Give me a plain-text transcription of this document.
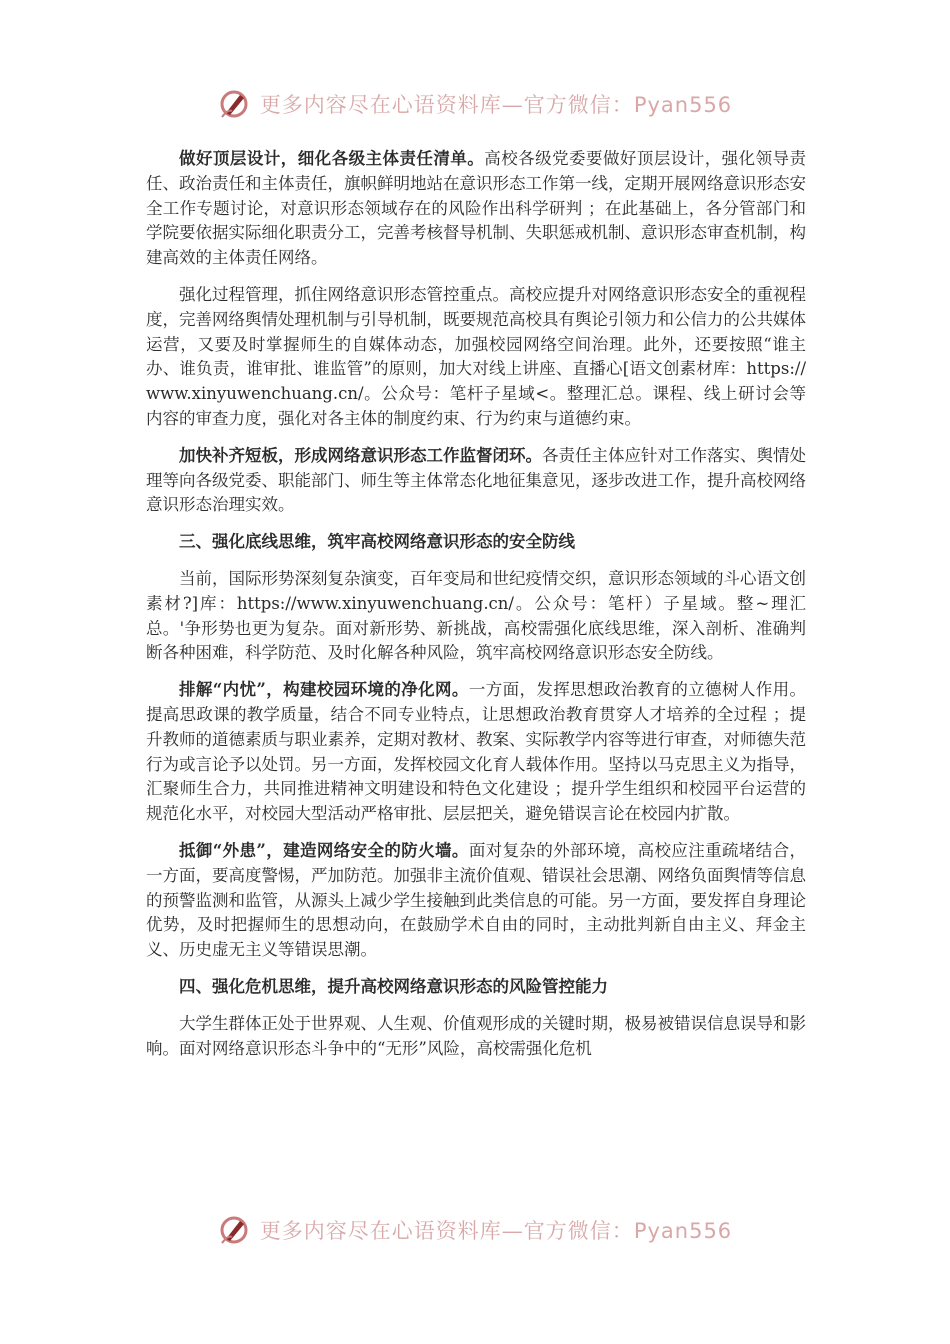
更多内容尽在心语资料库—官方微信：Pyan556

做好顶层设计，细化各级主体责任清单。高校各级党委要做好顶层设计，强化领导责任、政治责任和主体责任，旗帜鲜明地站在意识形态工作第一线，定期开展网络意识形态安全工作专题讨论，对意识形态领域存在的风险作出科学研判 ；在此基础上，各分管部门和学院要依据实际细化职责分工，完善考核督导机制、失职惩戒机制、意识形态审查机制，构建高效的主体责任网络。

强化过程管理，抓住网络意识形态管控重点。高校应提升对网络意识形态安全的重视程度，完善网络舆情处理机制与引导机制，既要规范高校具有舆论引领力和公信力的公共媒体运营，又要及时掌握师生的自媒体动态，加强校园网络空间治理。此外，还要按照“谁主办、谁负责，谁审批、谁监管”的原则，加大对线上讲座、直播心[语文创素材库：https://www.xinyuwenchuang.cn/。公众号：笔杆子星域<。整理汇总。课程、线上研讨会等内容的审查力度，强化对各主体的制度约束、行为约束与道德约束。

加快补齐短板，形成网络意识形态工作监督闭环。各责任主体应针对工作落实、舆情处理等向各级党委、职能部门、师生等主体常态化地征集意见，逐步改进工作，提升高校网络意识形态治理实效。

三、强化底线思维，筑牢高校网络意识形态的安全防线

当前，国际形势深刻复杂演变，百年变局和世纪疫情交织，意识形态领域的斗心语文创素材?]库：https://www.xinyuwenchuang.cn/。公众号：笔杆）子星域。整~理汇总。'争形势也更为复杂。面对新形势、新挑战，高校需强化底线思维，深入剖析、准确判断各种困难，科学防范、及时化解各种风险，筑牢高校网络意识形态安全防线。

排解“内忧”，构建校园环境的净化网。一方面，发挥思想政治教育的立德树人作用。提高思政课的教学质量，结合不同专业特点，让思想政治教育贯穿人才培养的全过程 ；提升教师的道德素质与职业素养，定期对教材、教案、实际教学内容等进行审查，对师德失范行为或言论予以处罚。另一方面，发挥校园文化育人载体作用。坚持以马克思主义为指导，汇聚师生合力，共同推进精神文明建设和特色文化建设 ；提升学生组织和校园平台运营的规范化水平，对校园大型活动严格审批、层层把关，避免错误言论在校园内扩散。

抵御“外患”，建造网络安全的防火墙。面对复杂的外部环境，高校应注重疏堵结合，一方面，要高度警惕，严加防范。加强非主流价值观、错误社会思潮、网络负面舆情等信息的预警监测和监管，从源头上减少学生接触到此类信息的可能。另一方面，要发挥自身理论优势，及时把握师生的思想动向，在鼓励学术自由的同时，主动批判新自由主义、拜金主义、历史虚无主义等错误思潮。

四、强化危机思维，提升高校网络意识形态的风险管控能力

大学生群体正处于世界观、人生观、价值观形成的关键时期，极易被错误信息误导和影响。面对网络意识形态斗争中的“无形”风险，高校需强化危机

更多内容尽在心语资料库—官方微信：Pyan556
